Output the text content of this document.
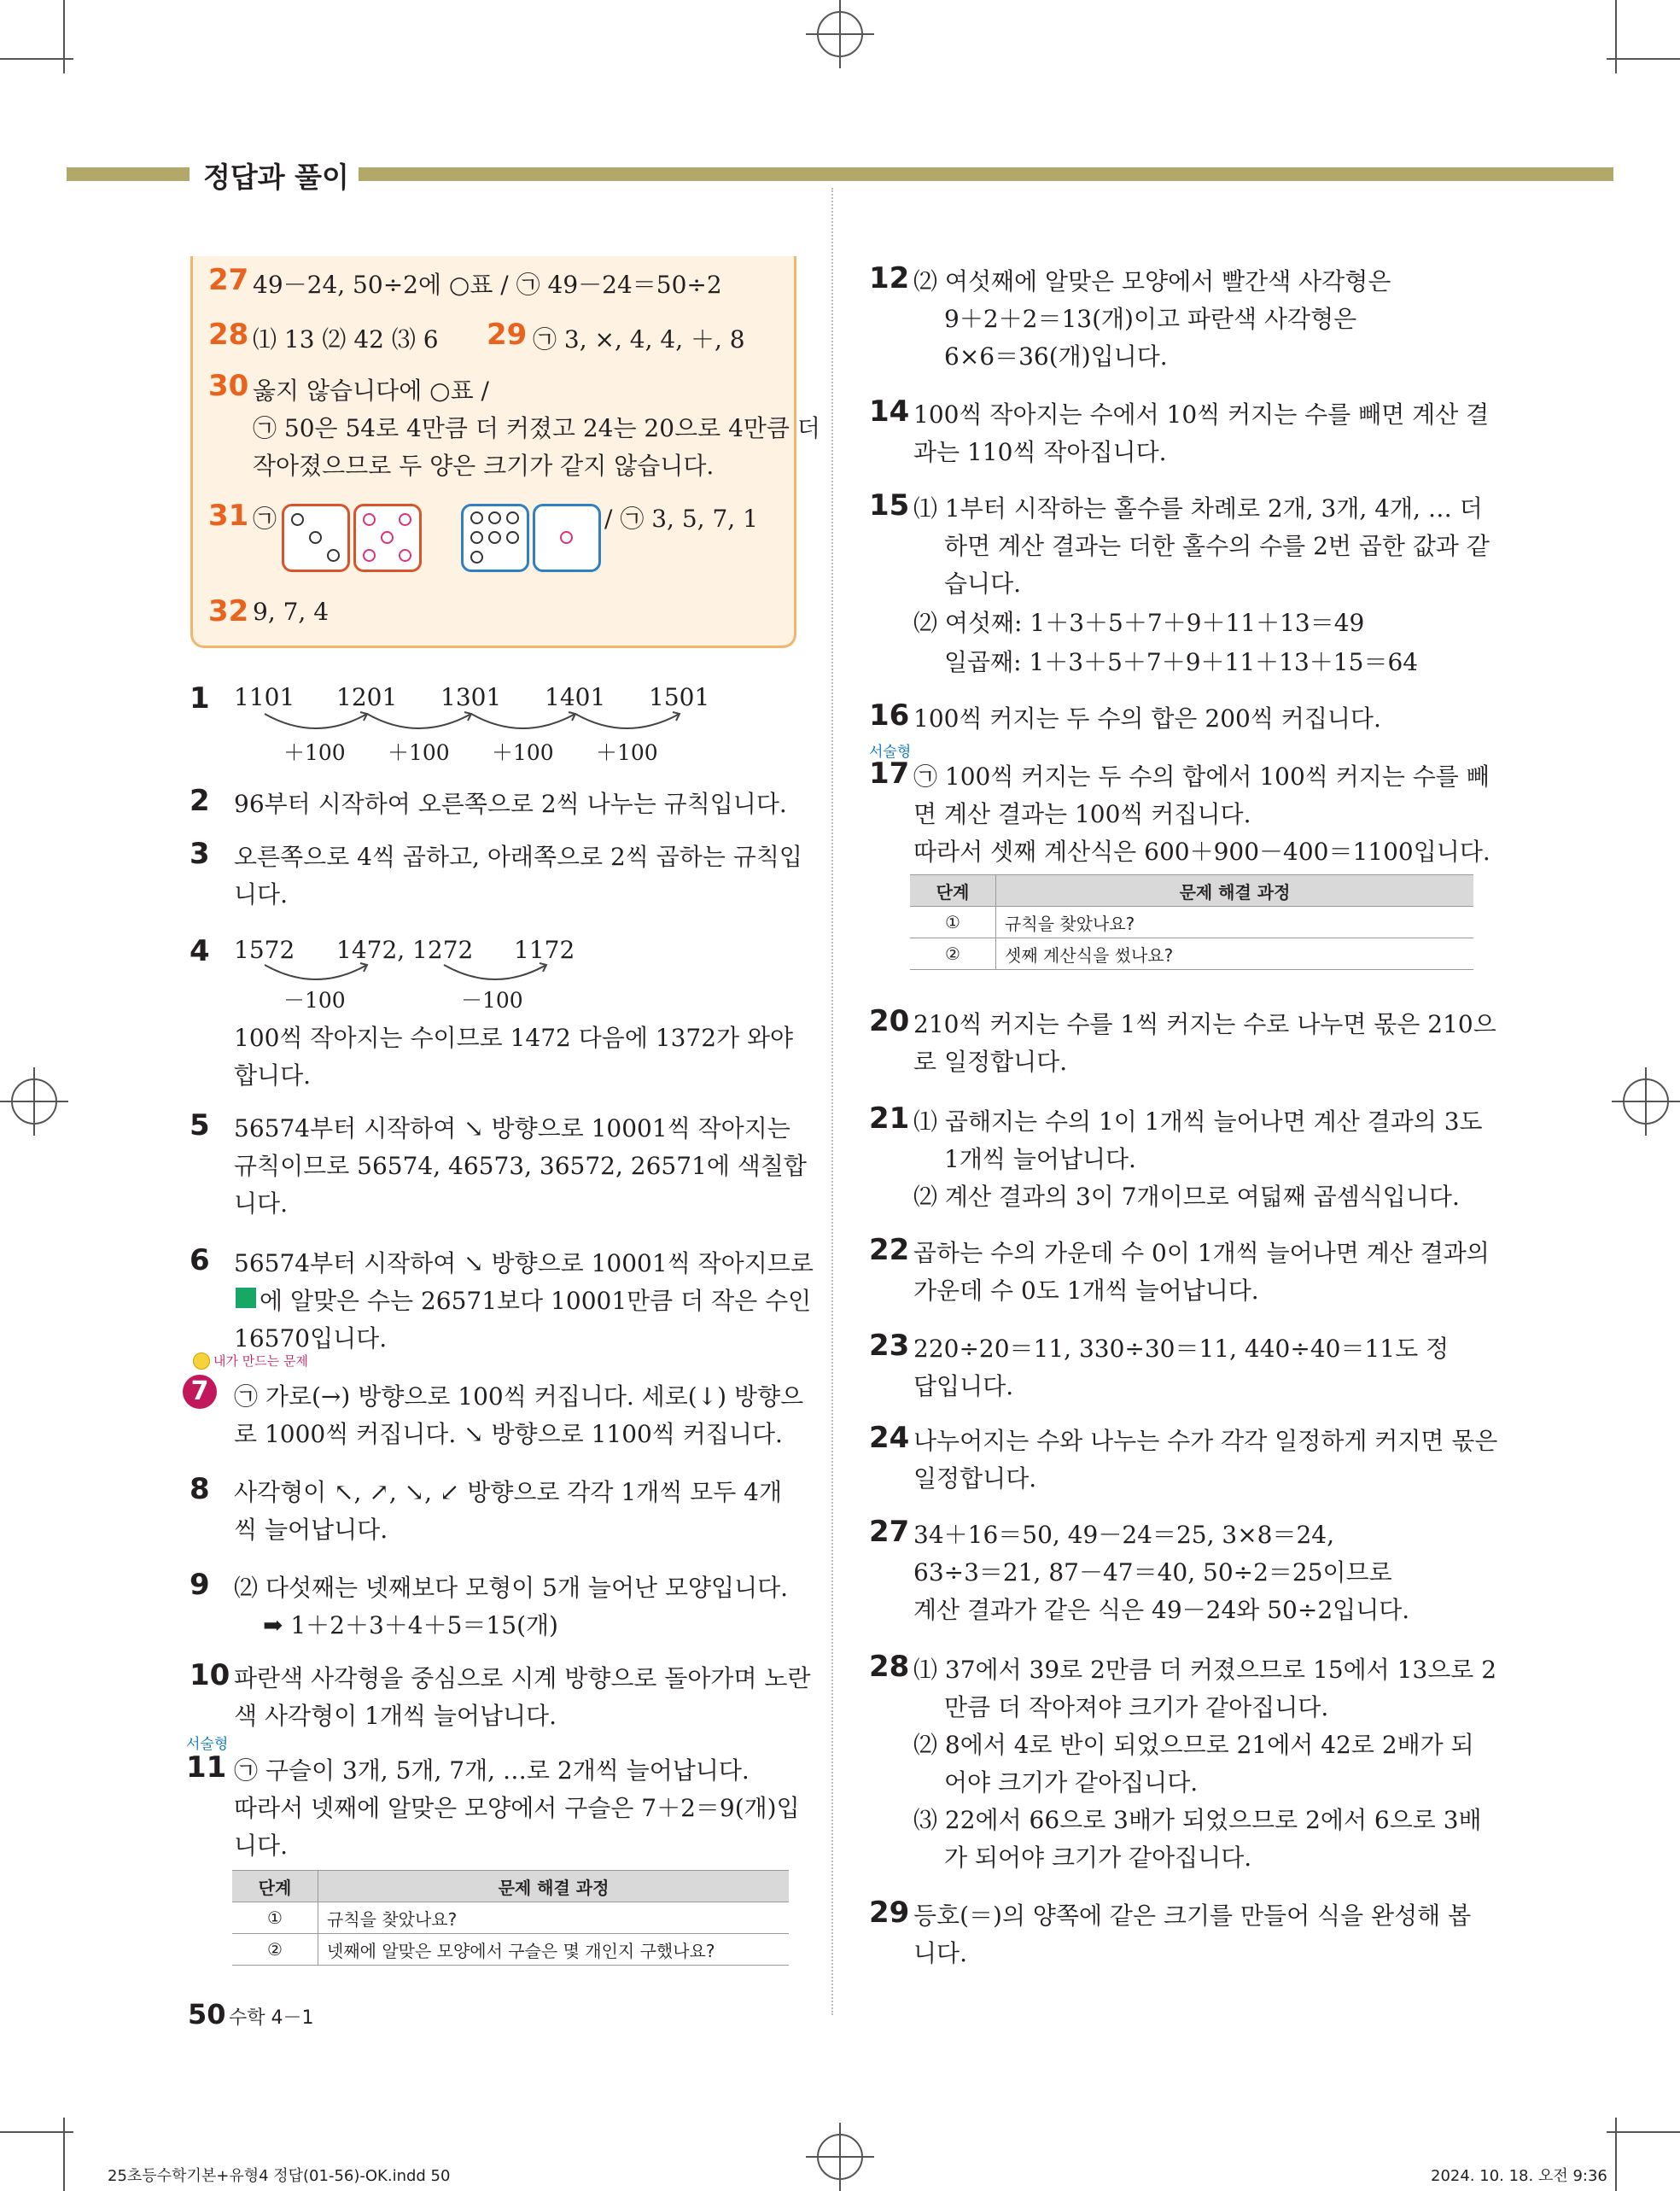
정답과 풀이
27 49－24, 50÷2에 ○표 / ㉠ 49－24＝50÷2
28 ⑴ 13 ⑵ 42 ⑶ 6 29 ㉠ 3, ×, 4, 4, ＋, 8
30 옳지 않습니다에 ○표 /
㉠ 50은 54로 4만큼 더 커졌고 24는 20으로 4만큼 더
작아졌으므로 두 양은 크기가 같지 않습니다.
31 ㉠	/ ㉠ 3, 5, 7, 1
32 9, 7, 4
1 1101 1201 1301 1401 1501
＋100 ＋100 ＋100 ＋100
2 96부터 시작하여 오른쪽으로 2씩 나누는 규칙입니다.
3 오른쪽으로 4씩 곱하고, 아래쪽으로 2씩 곱하는 규칙입
니다.
4 1572 1472, 1272 1172
－100	－100
100씩 작아지는 수이므로 1472 다음에 1372가 와야
합니다.
5 56574부터 시작하여 ↘ 방향으로 10001씩 작아지는
규칙이므로 56574, 46573, 36572, 26571에 색칠합
니다.
6 56574부터 시작하여 ↘ 방향으로 10001씩 작아지므로
에 알맞은 수는 26571보다 10001만큼 더 작은 수인
16570입니다.
내가 만드는 문제
7	㉠ 가로(→) 방향으로 100씩 커집니다. 세로(↓) 방향으
로 1000씩 커집니다. ↘ 방향으로 1100씩 커집니다.
8 사각형이 ↖, ↗, ↘, ↙ 방향으로 각각 1개씩 모두 4개
씩 늘어납니다.
9 ⑵ 다섯째는 넷째보다 모형이 5개 늘어난 모양입니다.
➡ 1＋2＋3＋4＋5＝15(개)
10 파란색 사각형을 중심으로 시계 방향으로 돌아가며 노란
색 사각형이 1개씩 늘어납니다.
서술형
11 ㉠ 구슬이 3개, 5개, 7개, …로 2개씩 늘어납니다.
따라서 넷째에 알맞은 모양에서 구슬은 7＋2＝9(개)입
니다.
단계	문제 해결 과정
①	규칙을 찾았나요?
②	넷째에 알맞은 모양에서 구슬은 몇 개인지 구했나요?
12 ⑵ 여섯째에 알맞은 모양에서 빨간색 사각형은
9＋2＋2＝13(개)이고 파란색 사각형은
6×6＝36(개)입니다.
14 100씩 작아지는 수에서 10씩 커지는 수를 빼면 계산 결
과는 110씩 작아집니다.
15 ⑴ 1부터 시작하는 홀수를 차례로 2개, 3개, 4개, … 더
하면 계산 결과는 더한 홀수의 수를 2번 곱한 값과 같
습니다.
⑵ 여섯째: 1＋3＋5＋7＋9＋11＋13＝49
일곱째: 1＋3＋5＋7＋9＋11＋13＋15＝64
16 100씩 커지는 두 수의 합은 200씩 커집니다.
서술형
17 ㉠ 100씩 커지는 두 수의 합에서 100씩 커지는 수를 빼
면 계산 결과는 100씩 커집니다.
따라서 셋째 계산식은 600＋900－400＝1100입니다.
단계	문제 해결 과정
①	규칙을 찾았나요?
②	셋째 계산식을 썼나요?
20 210씩 커지는 수를 1씩 커지는 수로 나누면 몫은 210으
로 일정합니다.
21 ⑴ 곱해지는 수의 1이 1개씩 늘어나면 계산 결과의 3도
1개씩 늘어납니다.
⑵ 계산 결과의 3이 7개이므로 여덟째 곱셈식입니다.
22 곱하는 수의 가운데 수 0이 1개씩 늘어나면 계산 결과의
가운데 수 0도 1개씩 늘어납니다.
23 220÷20＝11, 330÷30＝11, 440÷40＝11도 정
답입니다.
24 나누어지는 수와 나누는 수가 각각 일정하게 커지면 몫은
일정합니다.
27 34＋16＝50, 49－24＝25, 3×8＝24,
63÷3＝21, 87－47＝40, 50÷2＝25이므로
계산 결과가 같은 식은 49－24와 50÷2입니다.
28 ⑴ 37에서 39로 2만큼 더 커졌으므로 15에서 13으로 2
만큼 더 작아져야 크기가 같아집니다.
⑵ 8에서 4로 반이 되었으므로 21에서 42로 2배가 되
어야 크기가 같아집니다.
⑶ 22에서 66으로 3배가 되었으므로 2에서 6으로 3배
가 되어야 크기가 같아집니다.
29 등호(＝)의 양쪽에 같은 크기를 만들어 식을 완성해 봅
니다.
50 수학 4－1
25초등수학기본+유형4 정답(01-56)-OK.indd 50	2024. 10. 18. 오전 9:36
